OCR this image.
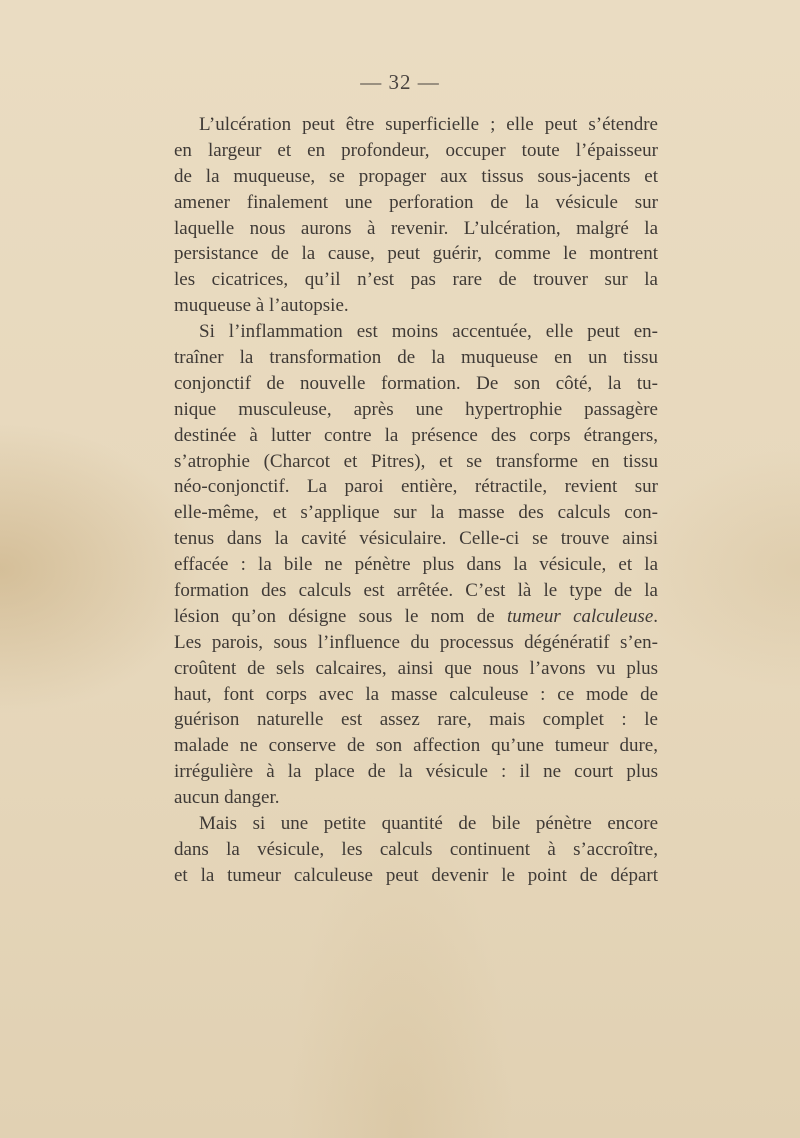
— 32 —
L’ulcération peut être superficielle ; elle peut s’étendre
en largeur et en profondeur, occuper toute l’épaisseur
de la muqueuse, se propager aux tissus sous-jacents et
amener finalement une perforation de la vésicule sur
laquelle nous aurons à revenir. L’ulcération, malgré la
persistance de la cause, peut guérir, comme le montrent
les cicatrices, qu’il n’est pas rare de trouver sur la
muqueuse à l’autopsie.
Si l’inflammation est moins accentuée, elle peut en-
traîner la transformation de la muqueuse en un tissu
conjonctif de nouvelle formation. De son côté, la tu-
nique musculeuse, après une hypertrophie passagère
destinée à lutter contre la présence des corps étrangers,
s’atrophie (Charcot et Pitres), et se transforme en tissu
néo-conjonctif. La paroi entière, rétractile, revient sur
elle-même, et s’applique sur la masse des calculs con-
tenus dans la cavité vésiculaire. Celle-ci se trouve ainsi
effacée : la bile ne pénètre plus dans la vésicule, et la
formation des calculs est arrêtée. C’est là le type de la
lésion qu’on désigne sous le nom de tumeur calculeuse.
Les parois, sous l’influence du processus dégénératif s’en-
croûtent de sels calcaires, ainsi que nous l’avons vu plus
haut, font corps avec la masse calculeuse : ce mode de
guérison naturelle est assez rare, mais complet : le
malade ne conserve de son affection qu’une tumeur dure,
irrégulière à la place de la vésicule : il ne court plus
aucun danger.
Mais si une petite quantité de bile pénètre encore
dans la vésicule, les calculs continuent à s’accroître,
et la tumeur calculeuse peut devenir le point de départ
